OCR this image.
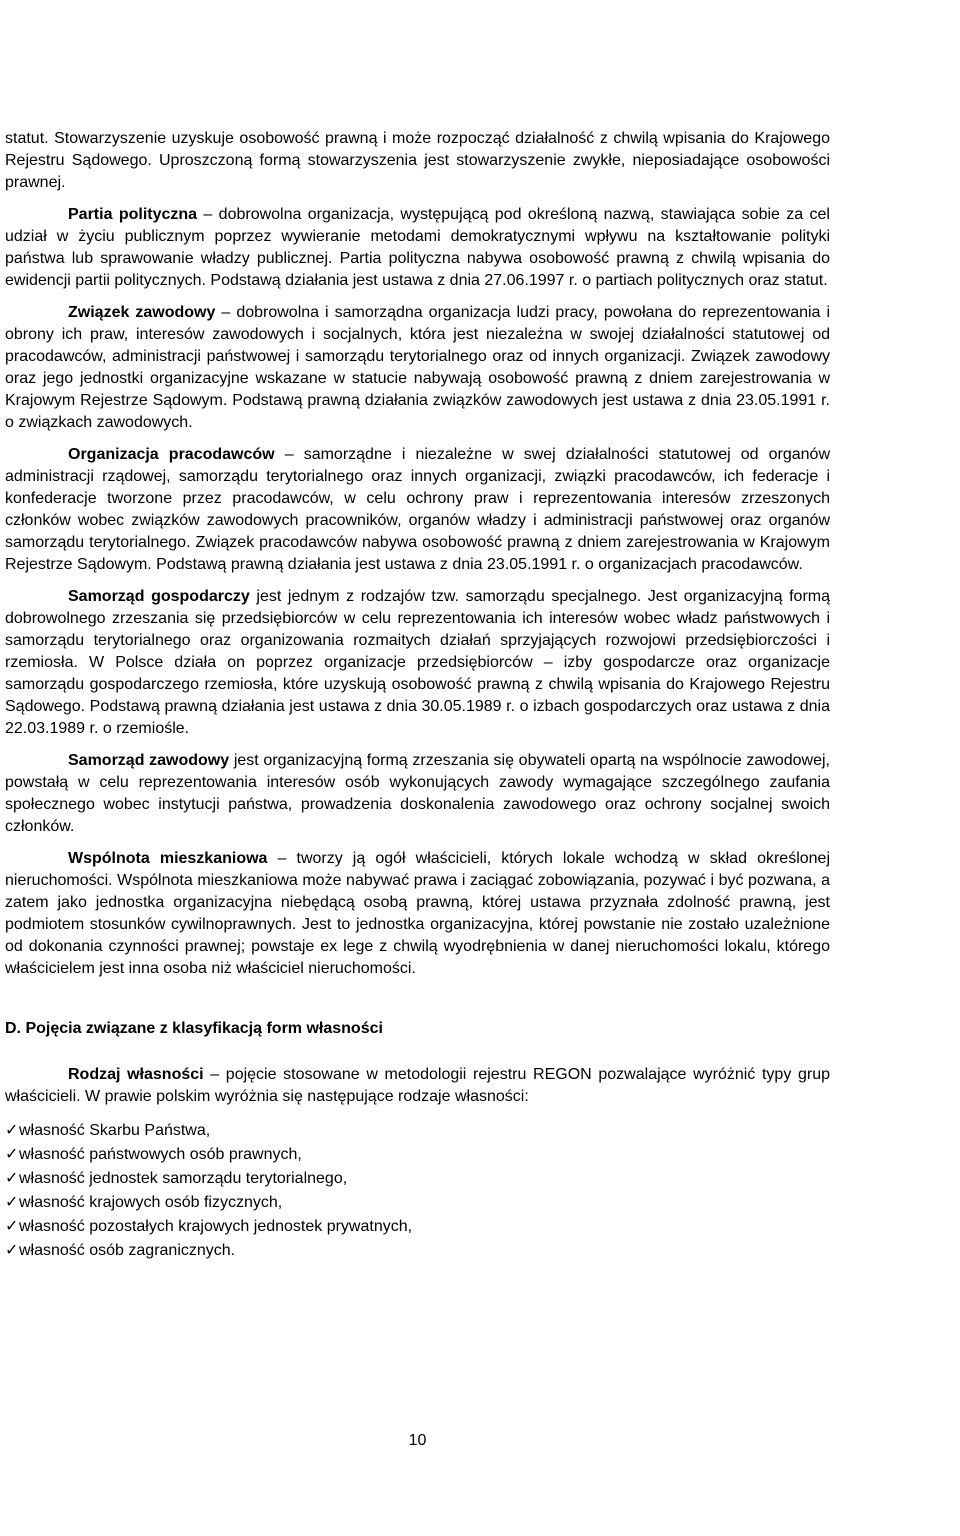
statut. Stowarzyszenie uzyskuje osobowość prawną i może rozpocząć działalność z chwilą wpisania do Krajowego Rejestru Sądowego. Uproszczoną formą stowarzyszenia jest stowarzyszenie zwykłe, nieposiadające osobowości prawnej.

Partia polityczna – dobrowolna organizacja, występującą pod określoną nazwą, stawiająca sobie za cel udział w życiu publicznym poprzez wywieranie metodami demokratycznymi wpływu na kształtowanie polityki państwa lub sprawowanie władzy publicznej. Partia polityczna nabywa osobowość prawną z chwilą wpisania do ewidencji partii politycznych. Podstawą działania jest ustawa z dnia 27.06.1997 r. o partiach politycznych oraz statut.

Związek zawodowy – dobrowolna i samorządna organizacja ludzi pracy, powołana do reprezentowania i obrony ich praw, interesów zawodowych i socjalnych, która jest niezależna w swojej działalności statutowej od pracodawców, administracji państwowej i samorządu terytorialnego oraz od innych organizacji. Związek zawodowy oraz jego jednostki organizacyjne wskazane w statucie nabywają osobowość prawną z dniem zarejestrowania w Krajowym Rejestrze Sądowym. Podstawą prawną działania związków zawodowych jest ustawa z dnia 23.05.1991 r. o związkach zawodowych.

Organizacja pracodawców – samorządne i niezależne w swej działalności statutowej od organów administracji rządowej, samorządu terytorialnego oraz innych organizacji, związki pracodawców, ich federacje i konfederacje tworzone przez pracodawców, w celu ochrony praw i reprezentowania interesów zrzeszonych członków wobec związków zawodowych pracowników, organów władzy i administracji państwowej oraz organów samorządu terytorialnego. Związek pracodawców nabywa osobowość prawną z dniem zarejestrowania w Krajowym Rejestrze Sądowym. Podstawą prawną działania jest ustawa z dnia 23.05.1991 r. o organizacjach pracodawców.

Samorząd gospodarczy jest jednym z rodzajów tzw. samorządu specjalnego. Jest organizacyjną formą dobrowolnego zrzeszania się przedsiębiorców w celu reprezentowania ich interesów wobec władz państwowych i samorządu terytorialnego oraz organizowania rozmaitych działań sprzyjających rozwojowi przedsiębiorczości i rzemiosła. W Polsce działa on poprzez organizacje przedsiębiorców – izby gospodarcze oraz organizacje samorządu gospodarczego rzemiosła, które uzyskują osobowość prawną z chwilą wpisania do Krajowego Rejestru Sądowego. Podstawą prawną działania jest ustawa z dnia 30.05.1989 r. o izbach gospodarczych oraz ustawa z dnia 22.03.1989 r. o rzemiośle.

Samorząd zawodowy jest organizacyjną formą zrzeszania się obywateli opartą na wspólnocie zawodowej, powstałą w celu reprezentowania interesów osób wykonujących zawody wymagające szczególnego zaufania społecznego wobec instytucji państwa, prowadzenia doskonalenia zawodowego oraz ochrony socjalnej swoich członków.

Wspólnota mieszkaniowa – tworzy ją ogół właścicieli, których lokale wchodzą w skład określonej nieruchomości. Wspólnota mieszkaniowa może nabywać prawa i zaciągać zobowiązania, pozywać i być pozwana, a zatem jako jednostka organizacyjna niebędącą osobą prawną, której ustawa przyznała zdolność prawną, jest podmiotem stosunków cywilnoprawnych. Jest to jednostka organizacyjna, której powstanie nie zostało uzależnione od dokonania czynności prawnej; powstaje ex lege z chwilą wyodrębnienia w danej nieruchomości lokalu, którego właścicielem jest inna osoba niż właściciel nieruchomości.

D. Pojęcia związane z klasyfikacją form własności

Rodzaj własności – pojęcie stosowane w metodologii rejestru REGON pozwalające wyróżnić typy grup właścicieli. W prawie polskim wyróżnia się następujące rodzaje własności:

✓własność Skarbu Państwa,
✓własność państwowych osób prawnych,
✓własność jednostek samorządu terytorialnego,
✓własność krajowych osób fizycznych,
✓własność pozostałych krajowych jednostek prywatnych,
✓własność osób zagranicznych.
10
